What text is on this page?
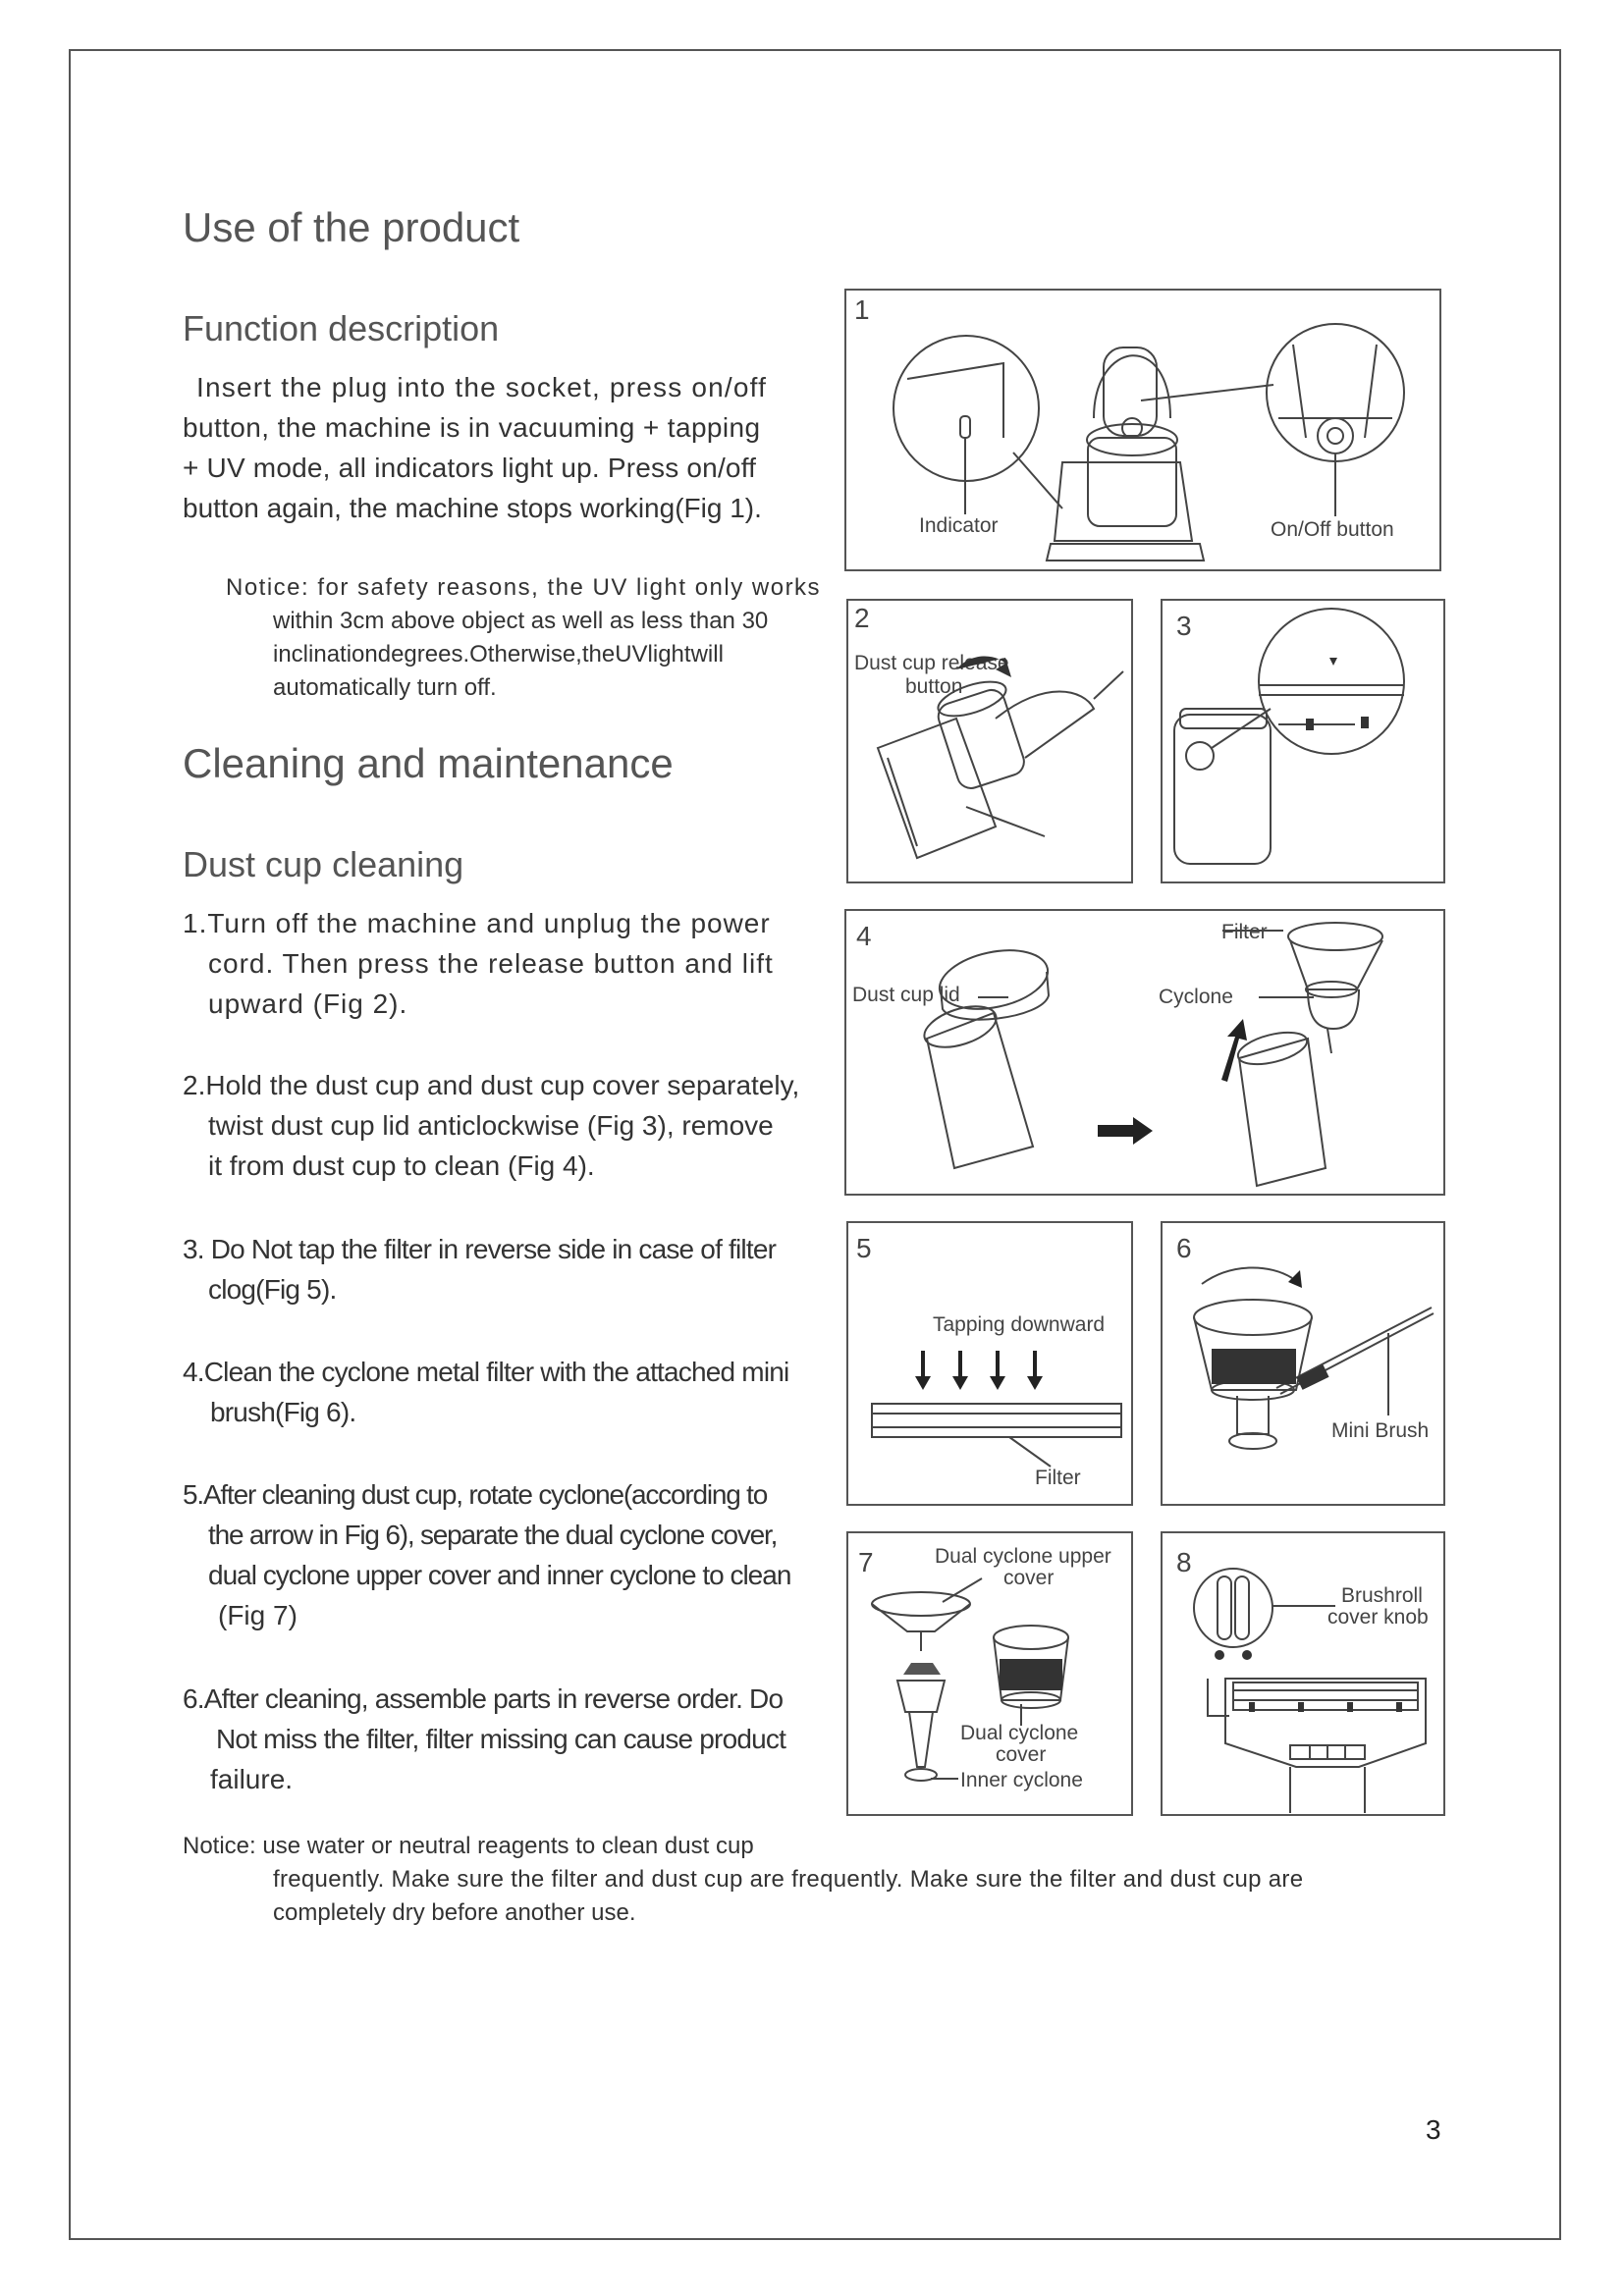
Use of the product
Function description
Insert the plug into the socket, press on/off
button, the machine is in vacuuming + tapping
+ UV mode, all indicators light up. Press on/off
button again, the machine stops working(Fig 1).
Notice: for safety reasons, the UV light only works
within 3cm above object as well as less than 30
inclinationdegrees.Otherwise,theUVlightwill
automatically turn off.
Cleaning and maintenance
Dust cup cleaning
1.Turn off the machine and unplug the power
cord. Then press the release button and lift
upward (Fig 2).
2.Hold the dust cup and dust cup cover separately,
twist dust cup lid anticlockwise (Fig 3), remove
it from dust cup to clean (Fig 4).
3. Do Not tap the filter in reverse side in case of filter
clog(Fig 5).
4.Clean the cyclone metal filter with the attached mini
brush(Fig 6).
5.After cleaning dust cup, rotate cyclone(according to
the arrow in Fig 6), separate the dual cyclone cover,
dual cyclone upper cover and inner cyclone to clean
(Fig 7)
6.After cleaning, assemble parts in reverse order. Do
Not miss the filter, filter missing can cause product
failure.
Notice: use water or neutral reagents to clean dust cup
frequently. Make sure the filter and dust cup are frequently. Make sure the filter and dust cup are
completely dry before another use.
3
1
Indicator	On/Off button
2
Dust cup release
button
3
4	Filter
Dust cup lid	Cyclone
5
Tapping downward
Filter
6
Mini Brush
7	Dual cyclone upper
cover
Dual cyclone
cover
Inner cyclone
8
Brushroll
cover knob
